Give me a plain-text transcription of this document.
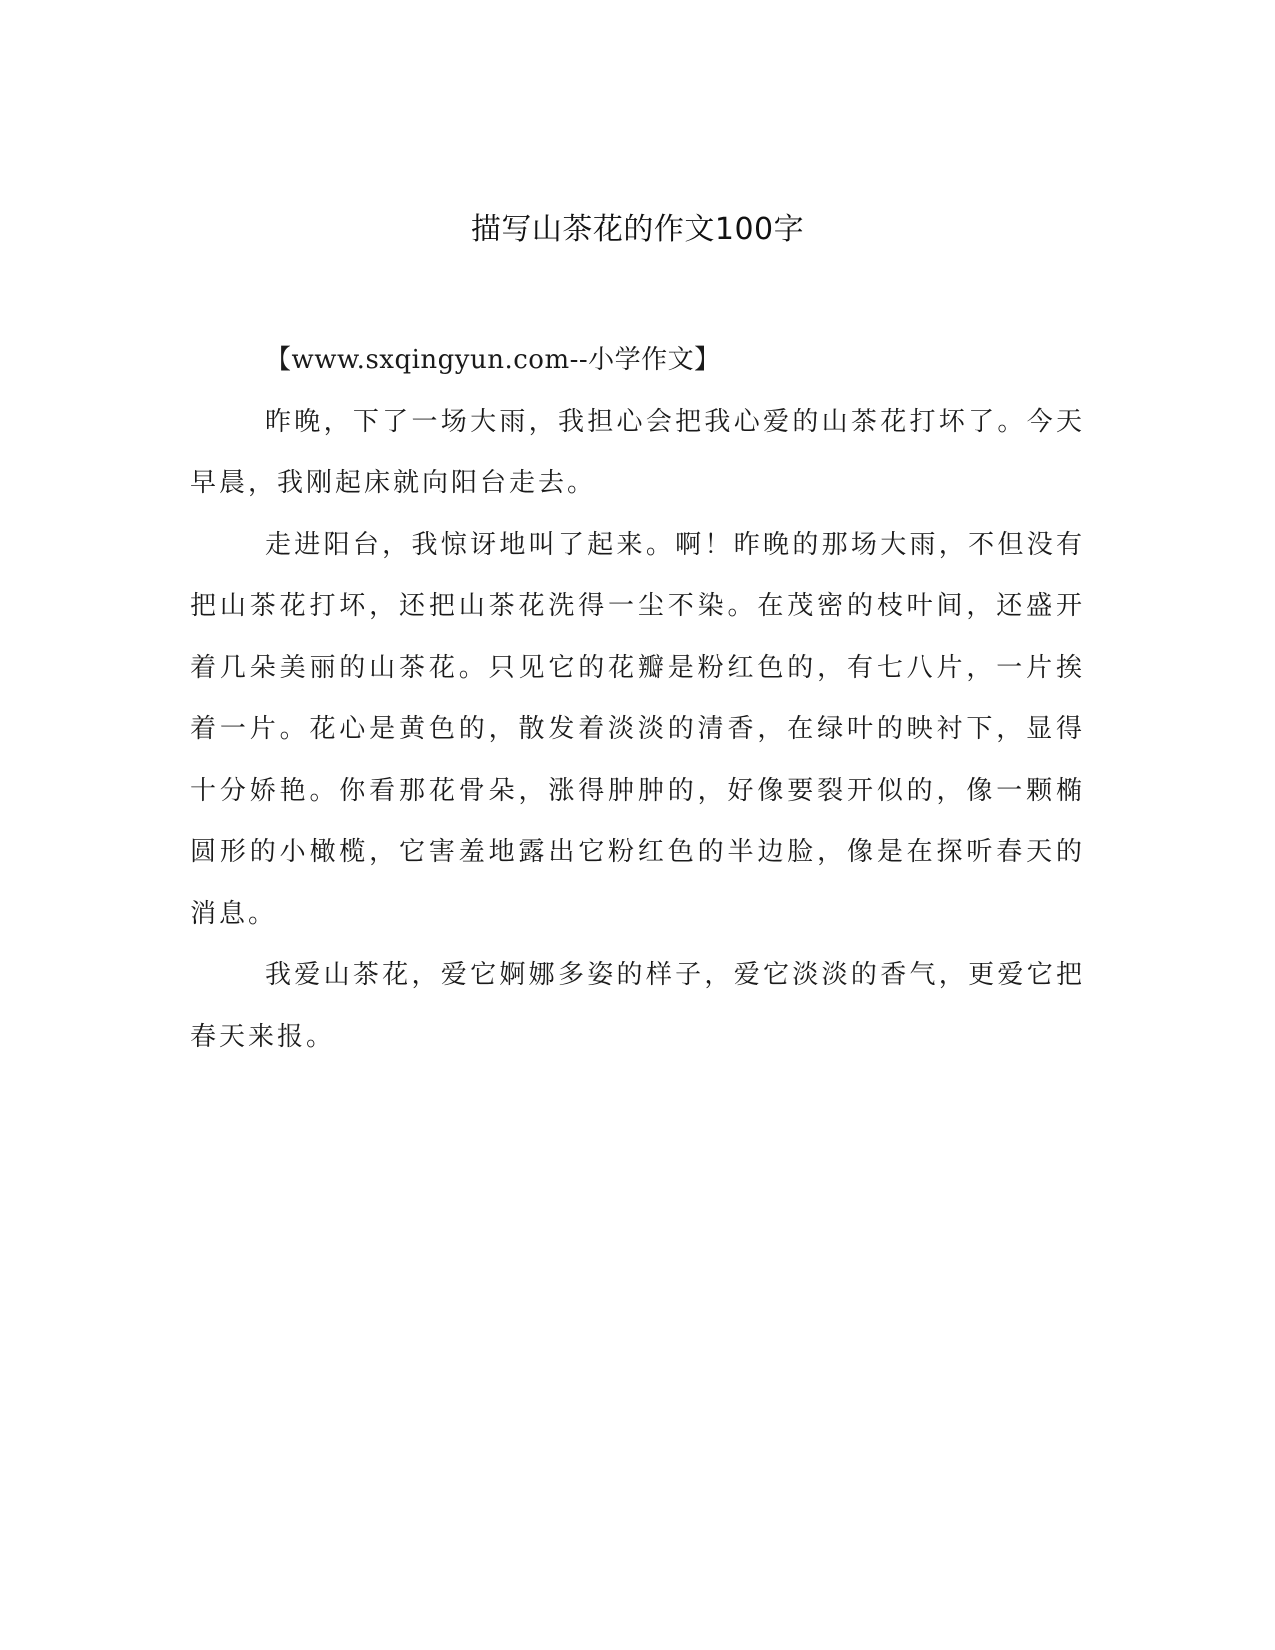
描写山茶花的作文100字

【www.sxqingyun.com--小学作文】

昨晚，下了一场大雨，我担心会把我心爱的山茶花打坏了。今天早晨，我刚起床就向阳台走去。

走进阳台，我惊讶地叫了起来。啊！昨晚的那场大雨，不但没有把山茶花打坏，还把山茶花洗得一尘不染。在茂密的枝叶间，还盛开着几朵美丽的山茶花。只见它的花瓣是粉红色的，有七八片，一片挨着一片。花心是黄色的，散发着淡淡的清香，在绿叶的映衬下，显得十分娇艳。你看那花骨朵，涨得肿肿的，好像要裂开似的，像一颗椭圆形的小橄榄，它害羞地露出它粉红色的半边脸，像是在探听春天的消息。

我爱山茶花，爱它婀娜多姿的样子，爱它淡淡的香气，更爱它把春天来报。
